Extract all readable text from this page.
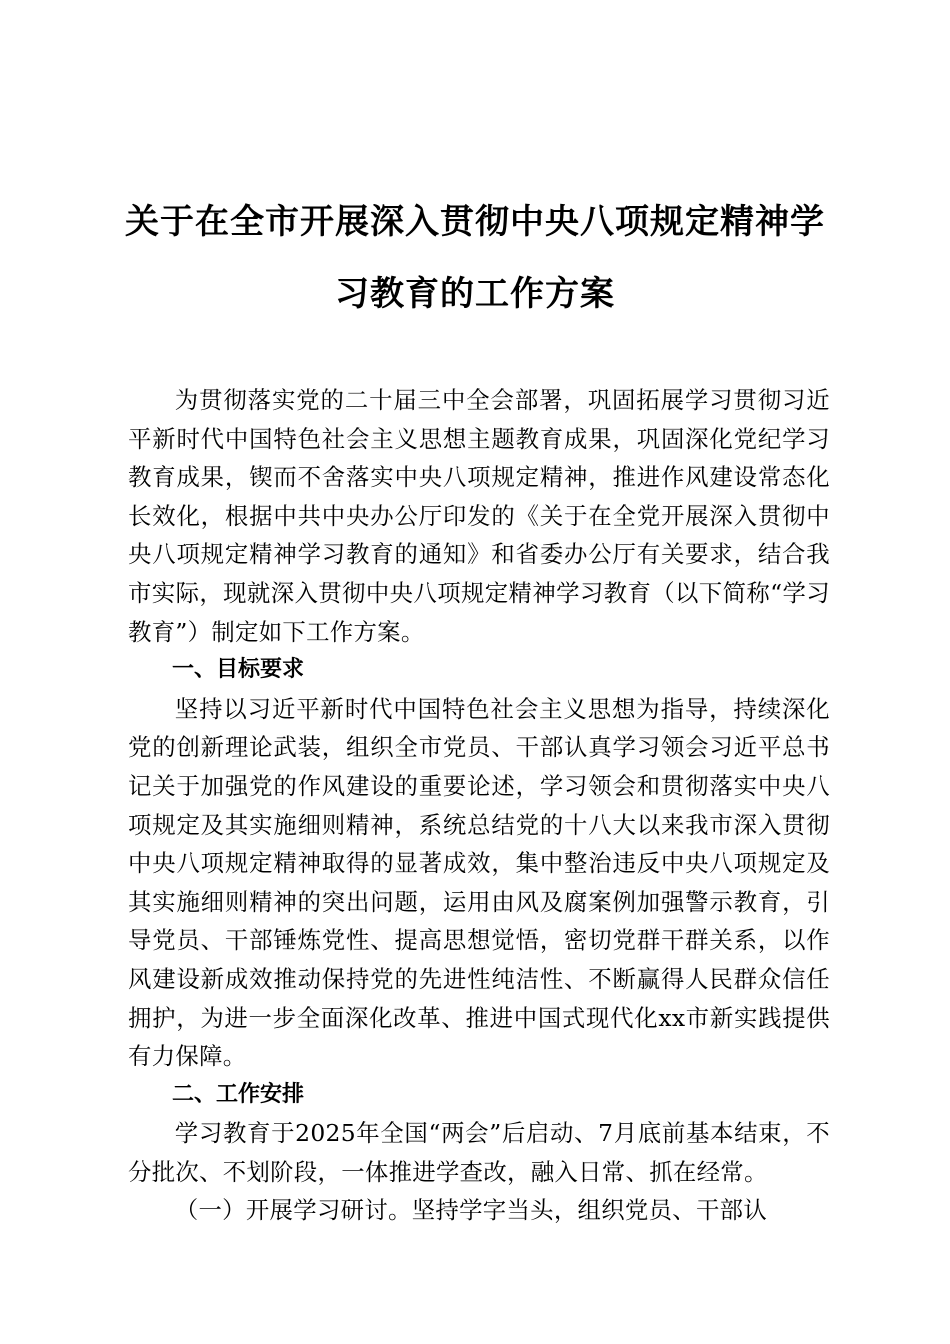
关于在全市开展深入贯彻中央八项规定精神学
习教育的工作方案

为贯彻落实党的二十届三中全会部署，巩固拓展学习贯彻习近平新时代中国特色社会主义思想主题教育成果，巩固深化党纪学习教育成果，锲而不舍落实中央八项规定精神，推进作风建设常态化长效化，根据中共中央办公厅印发的《关于在全党开展深入贯彻中央八项规定精神学习教育的通知》和省委办公厅有关要求，结合我市实际，现就深入贯彻中央八项规定精神学习教育（以下简称“学习教育”）制定如下工作方案。

一、目标要求

坚持以习近平新时代中国特色社会主义思想为指导，持续深化党的创新理论武装，组织全市党员、干部认真学习领会习近平总书记关于加强党的作风建设的重要论述，学习领会和贯彻落实中央八项规定及其实施细则精神，系统总结党的十八大以来我市深入贯彻中央八项规定精神取得的显著成效，集中整治违反中央八项规定及其实施细则精神的突出问题，运用由风及腐案例加强警示教育，引导党员、干部锤炼党性、提高思想觉悟，密切党群干群关系，以作风建设新成效推动保持党的先进性纯洁性、不断赢得人民群众信任拥护，为进一步全面深化改革、推进中国式现代化xx市新实践提供有力保障。

二、工作安排

学习教育于2025年全国“两会”后启动、7月底前基本结束，不分批次、不划阶段，一体推进学查改，融入日常、抓在经常。

（一）开展学习研讨。坚持学字当头，组织党员、干部认
